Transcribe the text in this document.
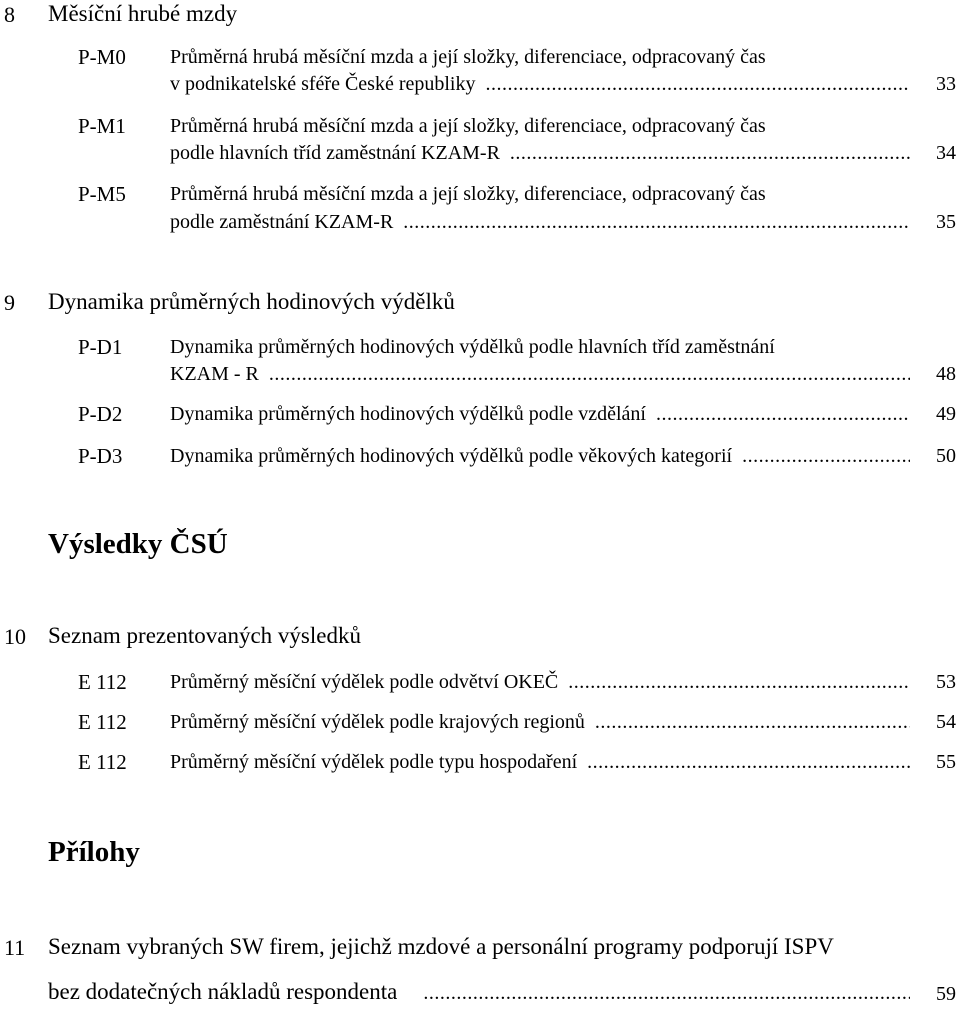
8 Měsíční hrubé mzdy
P-M0 Průměrná hrubá měsíční mzda a její složky, diferenciace, odpracovaný čas
v podnikatelské sféře České republiky .....	33
P-M1 Průměrná hrubá měsíční mzda a její složky, diferenciace, odpracovaný čas
podle hlavních tříd zaměstnání KZAM-R .....	34
P-M5 Průměrná hrubá měsíční mzda a její složky, diferenciace, odpracovaný čas
podle zaměstnání KZAM-R .....	35
9 Dynamika průměrných hodinových výdělků
P-D1 Dynamika průměrných hodinových výdělků podle hlavních tříd zaměstnání
KZAM - R .....	48
P-D2 Dynamika průměrných hodinových výdělků podle vzdělání .....	49
P-D3 Dynamika průměrných hodinových výdělků podle věkových kategorií .....	50
Výsledky ČSÚ
10 Seznam prezentovaných výsledků
E 112 Průměrný měsíční výdělek podle odvětví OKEČ .....	53
E 112 Průměrný měsíční výdělek podle krajových regionů .....	54
E 112 Průměrný měsíční výdělek podle typu hospodaření .....	55
Přílohy
11 Seznam vybraných SW firem, jejichž mzdové a personální programy podporují ISPV
bez dodatečných nákladů respondenta .....	59
